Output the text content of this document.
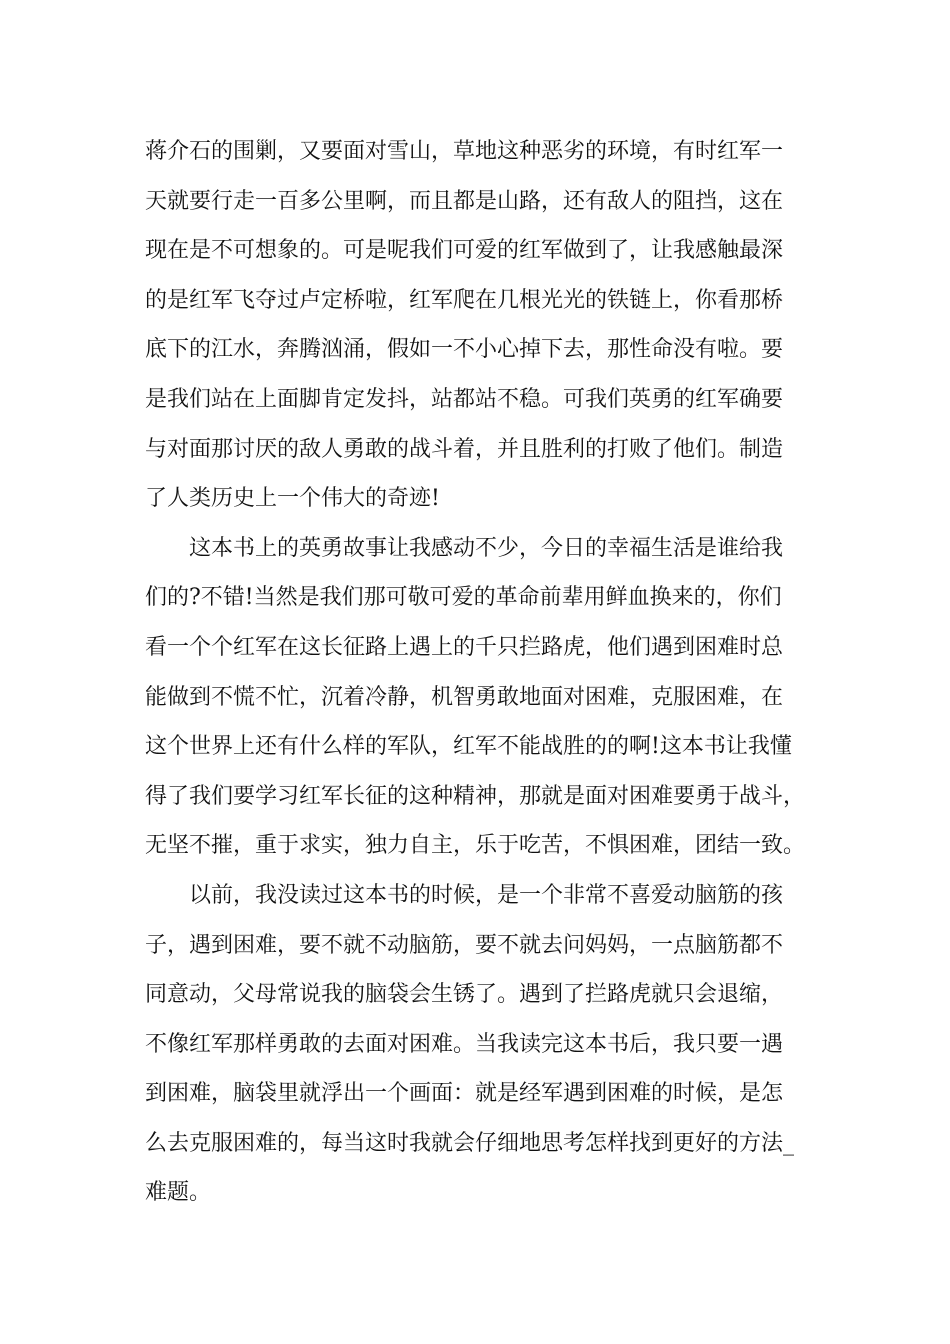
蒋介石的围剿，又要面对雪山，草地这种恶劣的环境，有时红军一
天就要行走一百多公里啊，而且都是山路，还有敌人的阻挡，这在
现在是不可想象的。可是呢我们可爱的红军做到了，让我感触最深
的是红军飞夺过卢定桥啦，红军爬在几根光光的铁链上，你看那桥
底下的江水，奔腾汹涌，假如一不小心掉下去，那性命没有啦。要
是我们站在上面脚肯定发抖，站都站不稳。可我们英勇的红军确要
与对面那讨厌的敌人勇敢的战斗着，并且胜利的打败了他们。制造
了人类历史上一个伟大的奇迹!
这本书上的英勇故事让我感动不少，今日的幸福生活是谁给我
们的?不错!当然是我们那可敬可爱的革命前辈用鲜血换来的，你们
看一个个红军在这长征路上遇上的千只拦路虎，他们遇到困难时总
能做到不慌不忙，沉着冷静，机智勇敢地面对困难，克服困难，在
这个世界上还有什么样的军队，红军不能战胜的的啊!这本书让我懂
得了我们要学习红军长征的这种精神，那就是面对困难要勇于战斗，
无坚不摧，重于求实，独力自主，乐于吃苦，不惧困难，团结一致。
以前，我没读过这本书的时候，是一个非常不喜爱动脑筋的孩
子，遇到困难，要不就不动脑筋，要不就去问妈妈，一点脑筋都不
同意动，父母常说我的脑袋会生锈了。遇到了拦路虎就只会退缩，
不像红军那样勇敢的去面对困难。当我读完这本书后，我只要一遇
到困难，脑袋里就浮出一个画面：就是经军遇到困难的时候，是怎
么去克服困难的，每当这时我就会仔细地思考怎样找到更好的方法_
难题。
